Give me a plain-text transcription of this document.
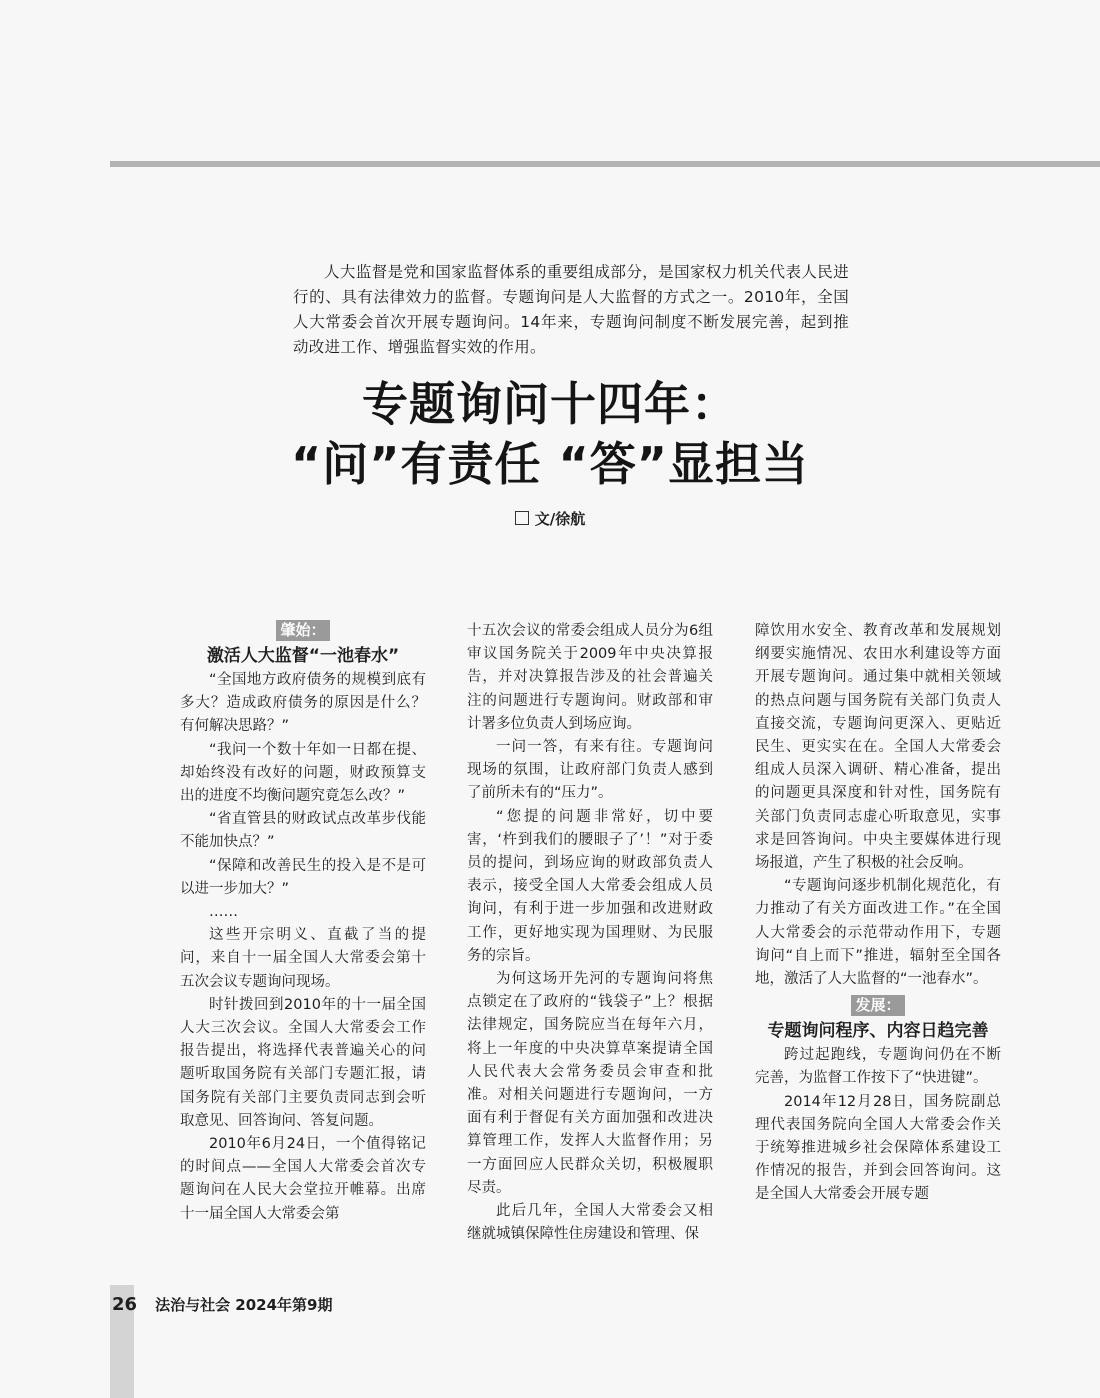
人大监督是党和国家监督体系的重要组成部分，是国家权力机关代表人民进行的、具有法律效力的监督。专题询问是人大监督的方式之一。2010年，全国人大常委会首次开展专题询问。14年来，专题询问制度不断发展完善，起到推动改进工作、增强监督实效的作用。

专题询问十四年：
“问”有责任 “答”显担当
文/徐航
肇始：
激活人大监督“一池春水”

“全国地方政府债务的规模到底有多大？造成政府债务的原因是什么？有何解决思路？”

“我问一个数十年如一日都在提、却始终没有改好的问题，财政预算支出的进度不均衡问题究竟怎么改？”

“省直管县的财政试点改革步伐能不能加快点？”

“保障和改善民生的投入是不是可以进一步加大？”

……

这些开宗明义、直截了当的提问，来自十一届全国人大常委会第十五次会议专题询问现场。

时针拨回到2010年的十一届全国人大三次会议。全国人大常委会工作报告提出，将选择代表普遍关心的问题听取国务院有关部门专题汇报，请国务院有关部门主要负责同志到会听取意见、回答询问、答复问题。

2010年6月24日，一个值得铭记的时间点——全国人大常委会首次专题询问在人民大会堂拉开帷幕。出席十一届全国人大常委会第

十五次会议的常委会组成人员分为6组审议国务院关于2009年中央决算报告，并对决算报告涉及的社会普遍关注的问题进行专题询问。财政部和审计署多位负责人到场应询。

一问一答，有来有往。专题询问现场的氛围，让政府部门负责人感到了前所未有的“压力”。

“您提的问题非常好，切中要害，‘杵到我们的腰眼子了’！”对于委员的提问，到场应询的财政部负责人表示，接受全国人大常委会组成人员询问，有利于进一步加强和改进财政工作，更好地实现为国理财、为民服务的宗旨。

为何这场开先河的专题询问将焦点锁定在了政府的“钱袋子”上？根据法律规定，国务院应当在每年六月，将上一年度的中央决算草案提请全国人民代表大会常务委员会审查和批准。对相关问题进行专题询问，一方面有利于督促有关方面加强和改进决算管理工作，发挥人大监督作用；另一方面回应人民群众关切，积极履职尽责。

此后几年，全国人大常委会又相继就城镇保障性住房建设和管理、保

障饮用水安全、教育改革和发展规划纲要实施情况、农田水利建设等方面开展专题询问。通过集中就相关领域的热点问题与国务院有关部门负责人直接交流，专题询问更深入、更贴近民生、更实实在在。全国人大常委会组成人员深入调研、精心准备，提出的问题更具深度和针对性，国务院有关部门负责同志虚心听取意见，实事求是回答询问。中央主要媒体进行现场报道，产生了积极的社会反响。

“专题询问逐步机制化规范化，有力推动了有关方面改进工作。”在全国人大常委会的示范带动作用下，专题询问“自上而下”推进，辐射至全国各地，激活了人大监督的“一池春水”。

发展：
专题询问程序、内容日趋完善

跨过起跑线，专题询问仍在不断完善，为监督工作按下了“快进键”。

2014年12月28日，国务院副总理代表国务院向全国人大常委会作关于统筹推进城乡社会保障体系建设工作情况的报告，并到会回答询问。这是全国人大常委会开展专题

26 法治与社会 2024年第9期
